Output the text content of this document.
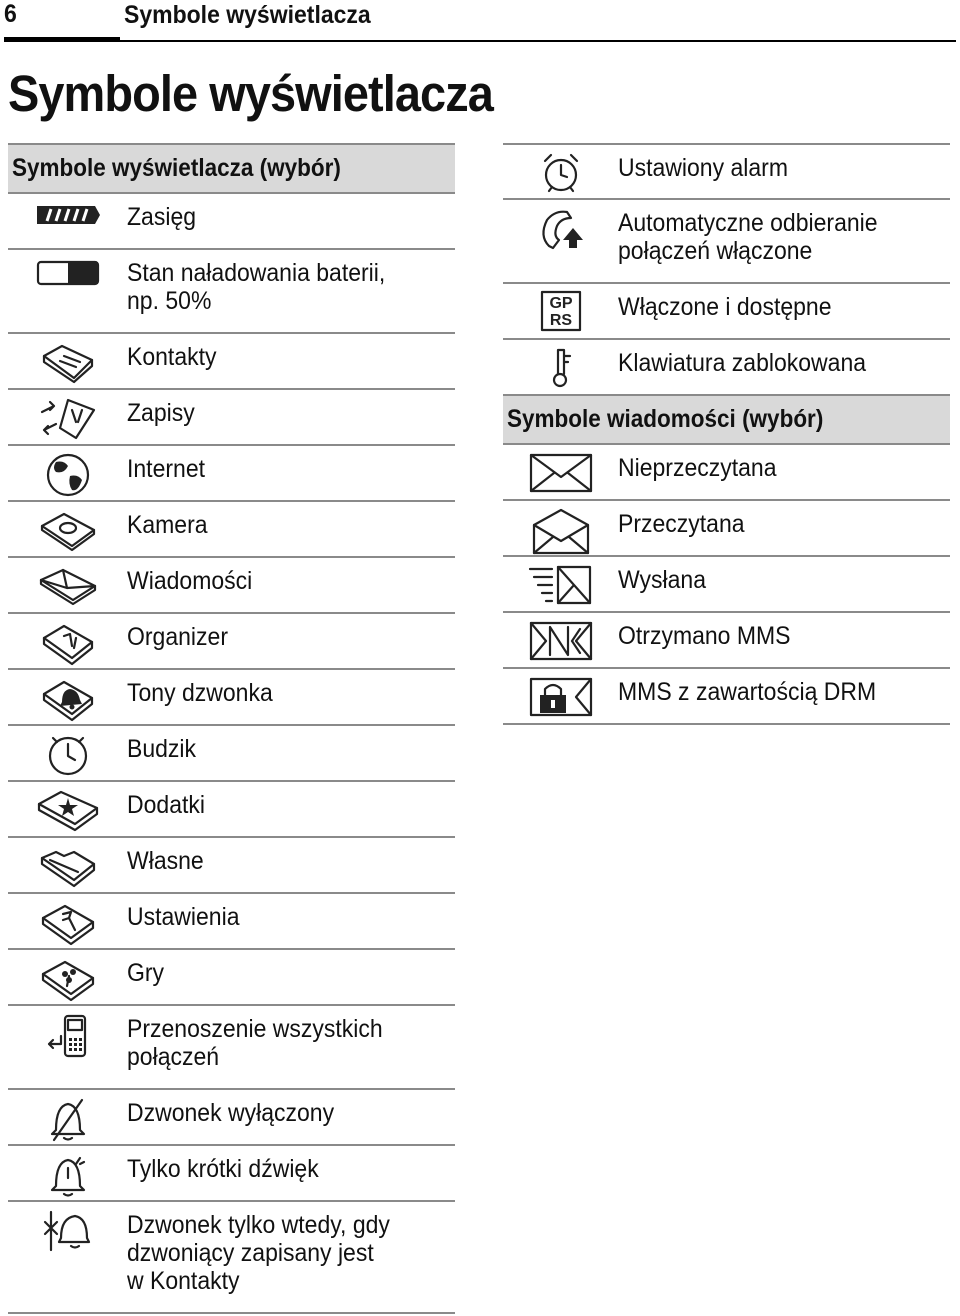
6	Symbole wyświetlacza
Symbole wyświetlacza
Symbole wyświetlacza (wybór)
Zasięg
Stan naładowania baterii,
np. 50%
Kontakty
Zapisy
Internet
Kamera
Wiadomości
Organizer
Tony dzwonka
Budzik
Dodatki
Własne
Ustawienia
Gry
Przenoszenie wszystkich
połączeń
Dzwonek wyłączony
Tylko krótki dźwięk
Dzwonek tylko wtedy, gdy
dzwoniący zapisany jest
w Kontakty
Ustawiony alarm
Automatyczne odbieranie
połączeń włączone
GP
RS Włączone i dostępne
Klawiatura zablokowana
Symbole wiadomości (wybór)
Nieprzeczytana
Przeczytana
Wysłana
Otrzymano MMS
MMS z zawartością DRM
